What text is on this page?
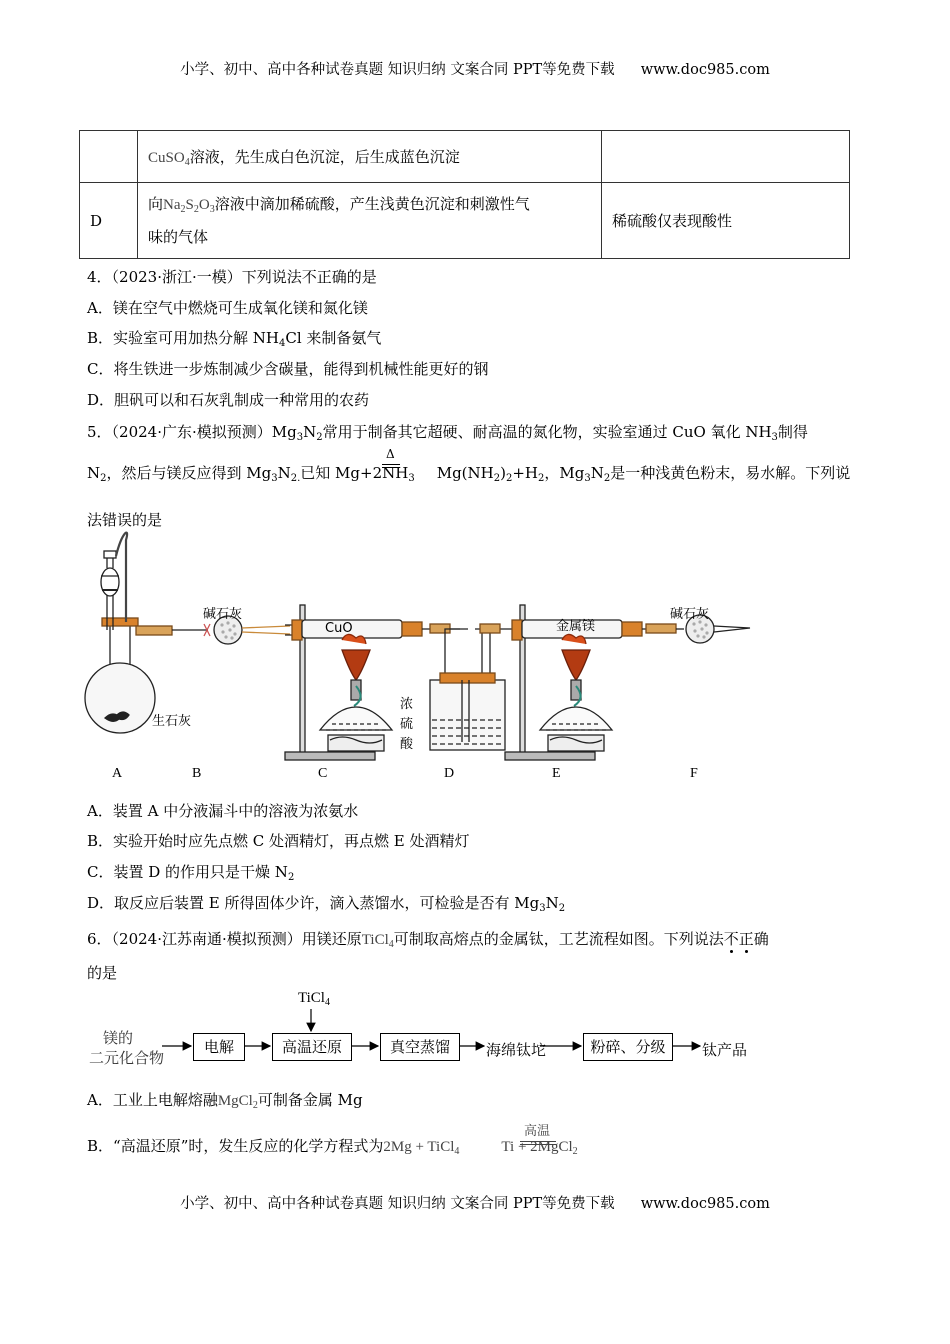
小学、初中、高中各种试卷真题 知识归纳 文案合同 PPT等免费下载 www.doc985.com
	CuSO$_4$溶液，先生成白色沉淀，后生成蓝色沉淀	
D	向$Na_2S_2O_3$溶液中滴加稀硫酸，产生浅黄色沉淀和刺激性气
味的气体	稀硫酸仅表现酸性
4．（2023·浙江·一模）下列说法不正确的是
A．镁在空气中燃烧可生成氧化镁和氮化镁
B．实验室可用加热分解 $NH_4Cl$ 来制备氨气
C．将生铁进一步炼制减少含碳量，能得到机械性能更好的钢
D．胆矾可以和石灰乳制成一种常用的农药
5．（2024·广东·模拟预测）$Mg_3N_2$常用于制备其它超硬、耐高温的氮化物，实验室通过 CuO 氧化 $NH_3$制得
Δ
$N_2$，然后与镁反应得到 $Mg_3N_{2.}$已知 $Mg+2NH_3$ $Mg(NH_2)_2+H_2$，$Mg_3N_2$是一种浅黄色粉末，易水解。下列说
法错误的是
碱石灰
CuO	金属镁
碱石灰
生石灰
浓
硫
酸
A	B	C	D	E	F
A．装置 A 中分液漏斗中的溶液为浓氨水
B．实验开始时应先点燃 C 处酒精灯，再点燃 E 处酒精灯
C．装置 D 的作用只是干燥 $N_2$
D．取反应后装置 E 所得固体少许，滴入蒸馏水，可检验是否有 $Mg_3N_2$
6．（2024·江苏南通·模拟预测）用镁还原TiCl$_4$可制取高熔点的金属钛，工艺流程如图。下列说法不正确
的是
镁的
二元化合物
电解	高温还原	真空蒸馏	海绵钛坨	粉碎、分级	钛产品
TiCl$_4$
A．工业上电解熔融MgCl$_2$可制备金属 Mg
B．“高温还原”时，发生反应的化学方程式为2Mg + TiCl$_4$	Ti + 2MgCl$_2$
高温
小学、初中、高中各种试卷真题 知识归纳 文案合同 PPT等免费下载 www.doc985.com
